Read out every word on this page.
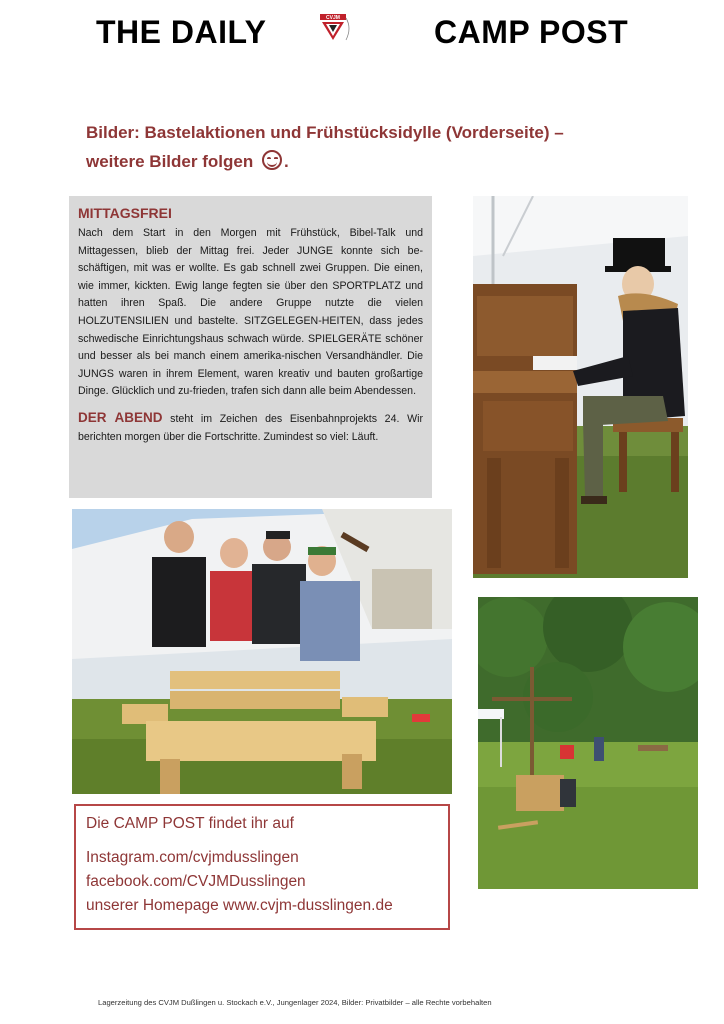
THE DAILY	CVJM	CAMP POST
Bilder: Bastelaktionen und Frühstücksidylle (Vorderseite) –
weitere Bilder folgen .
MITTAGSFREI

Nach dem Start in den Morgen mit Frühstück, Bibel-Talk und Mittagessen, blieb der Mittag frei. Jeder JUNGE konnte sich be-schäftigen, mit was er wollte. Es gab schnell zwei Gruppen. Die einen, wie immer, kickten. Ewig lange fegten sie über den SPORTPLATZ und hatten ihren Spaß. Die andere Gruppe nutzte die vielen HOLZUTENSILIEN und bastelte. SITZGELEGEN-HEITEN, dass jedes schwedische Einrichtungshaus schwach würde. SPIELGERÄTE schöner und besser als bei manch einem amerika-nischen Versandhändler. Die JUNGS waren in ihrem Element, waren kreativ und bauten großartige Dinge. Glücklich und zu-frieden, trafen sich dann alle beim Abendessen.

DER ABEND steht im Zeichen des Eisenbahnprojekts 24. Wir berichten morgen über die Fortschritte. Zumindest so viel: Läuft.

Die CAMP POST findet ihr auf
Instagram.com/cvjmdusslingen
facebook.com/CVJMDusslingen
unserer Homepage www.cvjm-dusslingen.de
Lagerzeitung des CVJM Dußlingen u. Stockach e.V., Jungenlager 2024, Bilder: Privatbilder – alle Rechte vorbehalten
